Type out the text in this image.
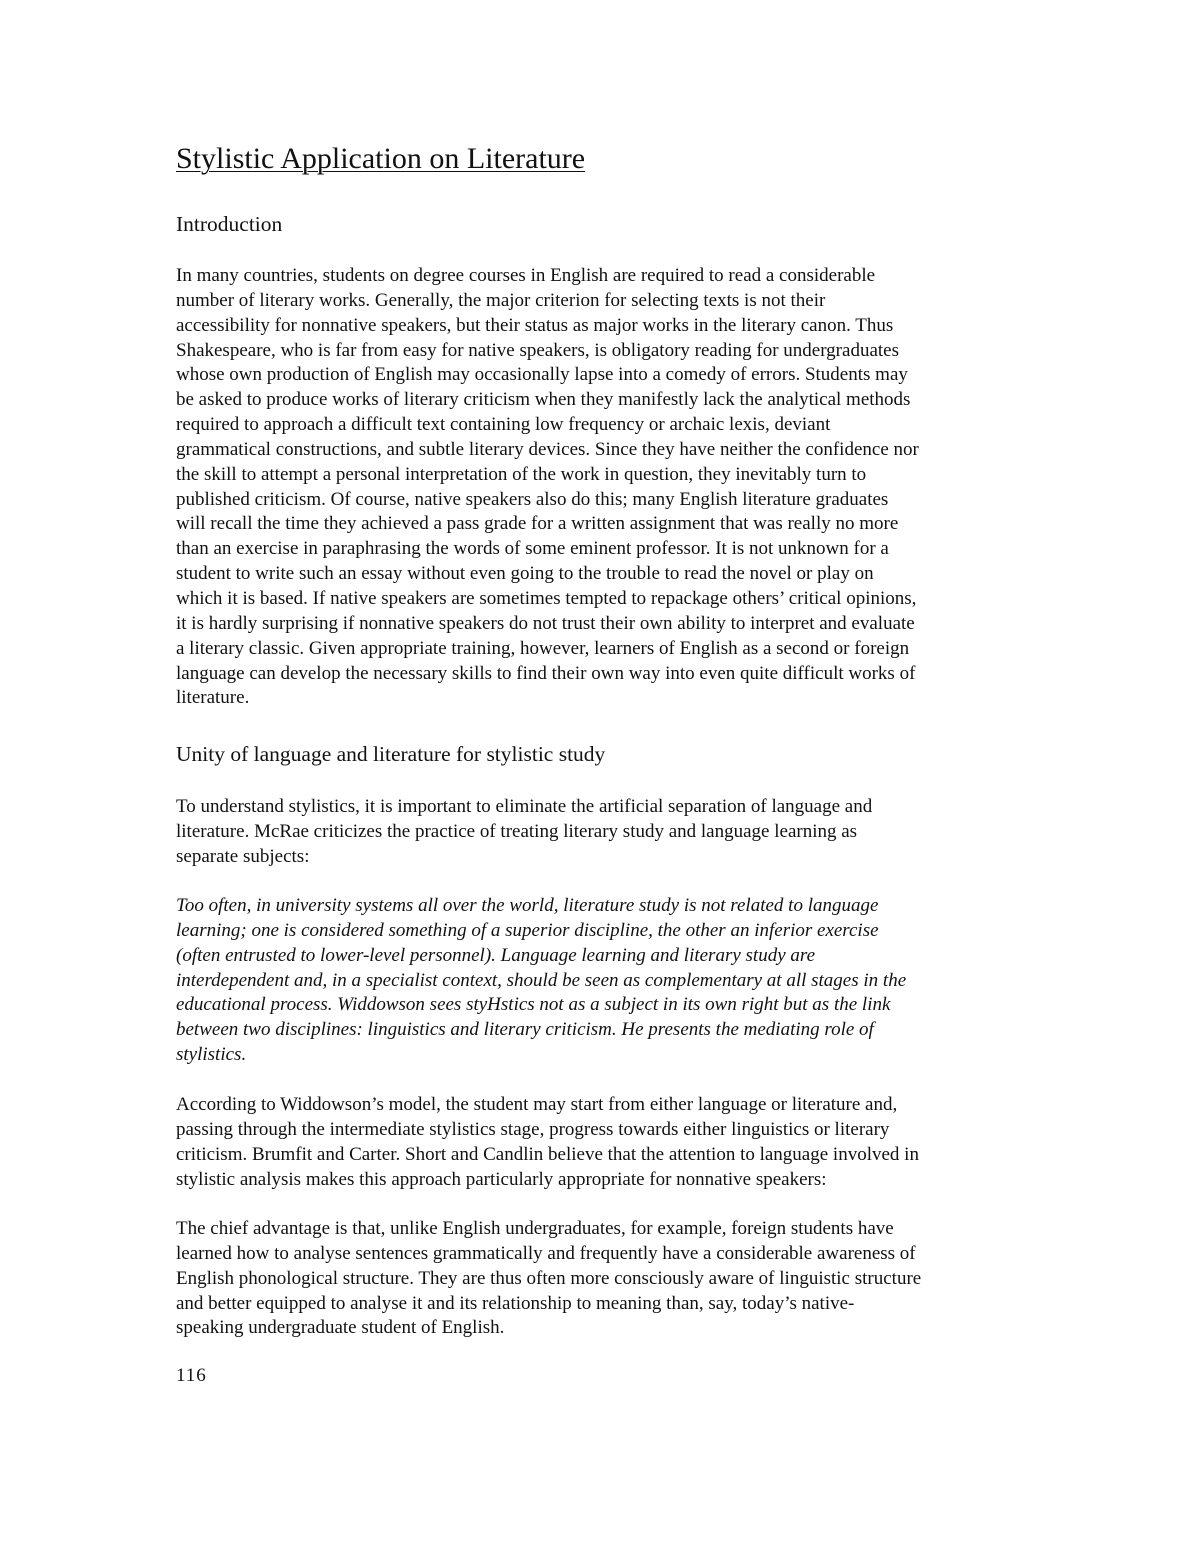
Stylistic Application on Literature
Introduction

In many countries, students on degree courses in English are required to read a considerable
number of literary works. Generally, the major criterion for selecting texts is not their
accessibility for nonnative speakers, but their status as major works in the literary canon. Thus
Shakespeare, who is far from easy for native speakers, is obligatory reading for undergraduates
whose own production of English may occasionally lapse into a comedy of errors. Students may
be asked to produce works of literary criticism when they manifestly lack the analytical methods
required to approach a difficult text containing low frequency or archaic lexis, deviant
grammatical constructions, and subtle literary devices. Since they have neither the confidence nor
the skill to attempt a personal interpretation of the work in question, they inevitably turn to
published criticism. Of course, native speakers also do this; many English literature graduates
will recall the time they achieved a pass grade for a written assignment that was really no more
than an exercise in paraphrasing the words of some eminent professor. It is not unknown for a
student to write such an essay without even going to the trouble to read the novel or play on
which it is based. If native speakers are sometimes tempted to repackage others’ critical opinions,
it is hardly surprising if nonnative speakers do not trust their own ability to interpret and evaluate
a literary classic. Given appropriate training, however, learners of English as a second or foreign
language can develop the necessary skills to find their own way into even quite difficult works of
literature.

Unity of language and literature for stylistic study

To understand stylistics, it is important to eliminate the artificial separation of language and
literature. McRae criticizes the practice of treating literary study and language learning as
separate subjects:

Too often, in university systems all over the world, literature study is not related to language
learning; one is considered something of a superior discipline, the other an inferior exercise
(often entrusted to lower-level personnel). Language learning and literary study are
interdependent and, in a specialist context, should be seen as complementary at all stages in the
educational process. Widdowson sees styHstics not as a subject in its own right but as the link
between two disciplines: linguistics and literary criticism. He presents the mediating role of
stylistics.

According to Widdowson’s model, the student may start from either language or literature and,
passing through the intermediate stylistics stage, progress towards either linguistics or literary
criticism. Brumfit and Carter. Short and Candlin believe that the attention to language involved in
stylistic analysis makes this approach particularly appropriate for nonnative speakers:

The chief advantage is that, unlike English undergraduates, for example, foreign students have
learned how to analyse sentences grammatically and frequently have a considerable awareness of
English phonological structure. They are thus often more consciously aware of linguistic structure
and better equipped to analyse it and its relationship to meaning than, say, today’s native-
speaking undergraduate student of English.

116
